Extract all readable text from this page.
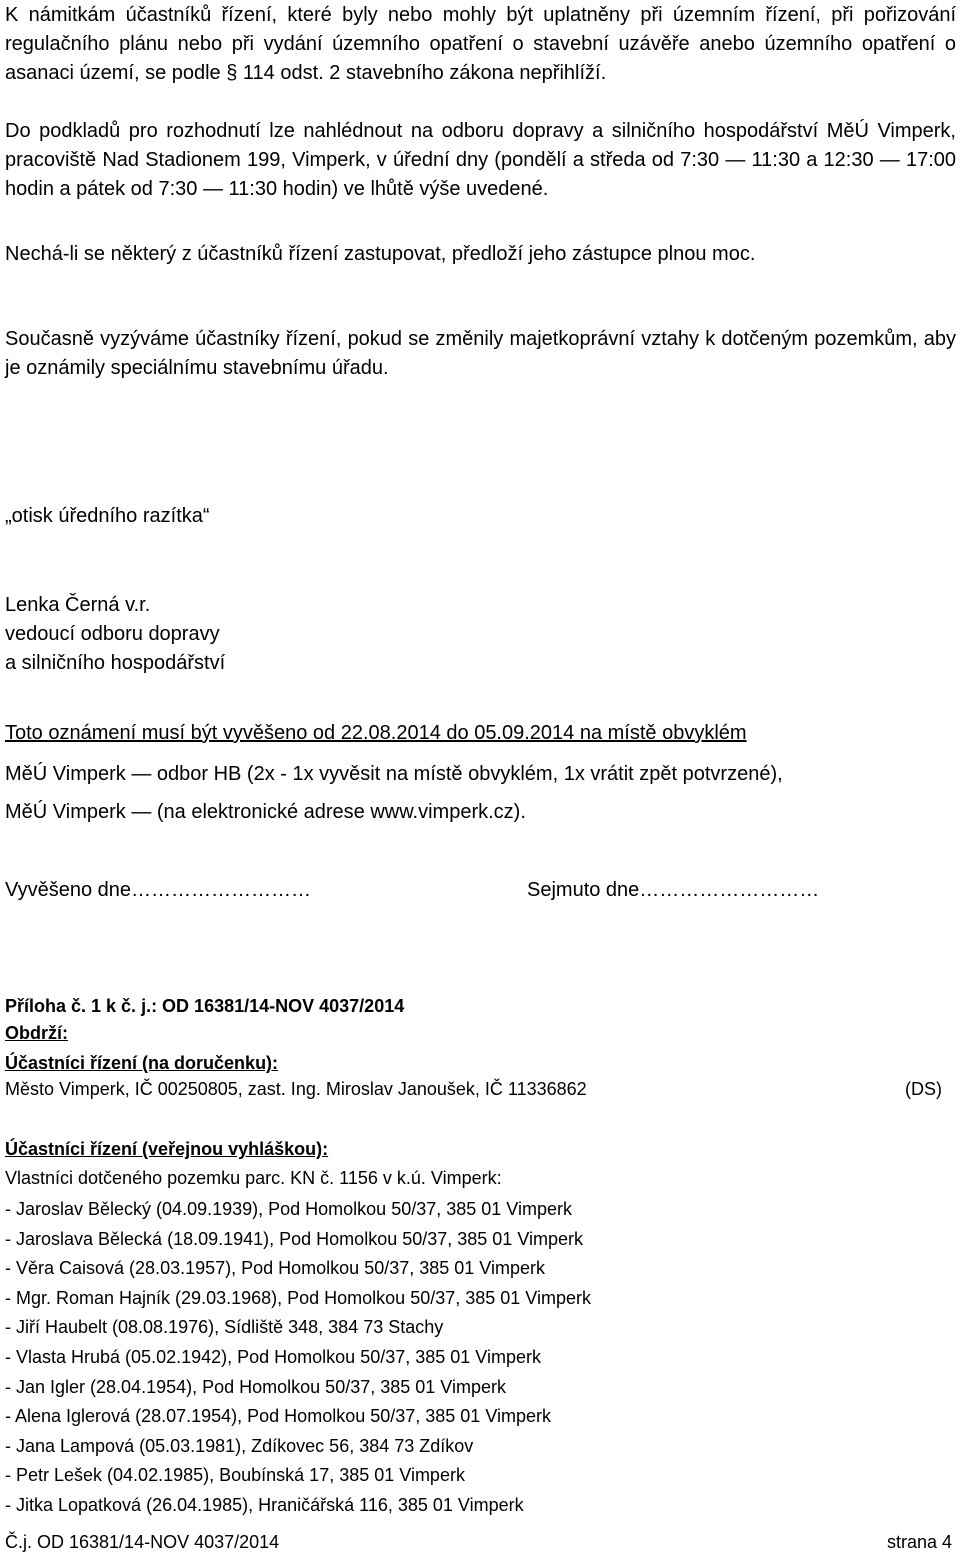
K námitkám účastníků řízení, které byly nebo mohly být uplatněny při územním řízení, při pořizování regulačního plánu nebo při vydání územního opatření o stavební uzávěře anebo územního opatření o asanaci území, se podle § 114 odst. 2 stavebního zákona nepřihlíží.

Do podkladů pro rozhodnutí lze nahlédnout na odboru dopravy a silničního hospodářství MěÚ Vimperk, pracoviště Nad Stadionem 199, Vimperk, v úřední dny (pondělí a středa od 7:30 — 11:30 a 12:30 — 17:00 hodin a pátek od 7:30 — 11:30 hodin) ve lhůtě výše uvedené.

Nechá-li se některý z účastníků řízení zastupovat, předloží jeho zástupce plnou moc.

Současně vyzýváme účastníky řízení, pokud se změnily majetkoprávní vztahy k dotčeným pozemkům, aby je oznámily speciálnímu stavebnímu úřadu.

„otisk úředního razítka“

Lenka Černá v.r.

vedoucí odboru dopravy

a silničního hospodářství

Toto oznámení musí být vyvěšeno od 22.08.2014 do 05.09.2014 na místě obvyklém

MěÚ Vimperk — odbor HB (2x - 1x vyvěsit na místě obvyklém, 1x vrátit zpět potvrzené),

MěÚ Vimperk — (na elektronické adrese www.vimperk.cz).

Vyvěšeno dne………………………	Sejmuto dne………………………

Příloha č. 1 k č. j.: OD 16381/14-NOV 4037/2014

Obdrží:

Účastníci řízení (na doručenku):

Město Vimperk, IČ 00250805, zast. Ing. Miroslav Janoušek, IČ 11336862	(DS)

Účastníci řízení (veřejnou vyhláškou):

Vlastníci dotčeného pozemku parc. KN č. 1156 v k.ú. Vimperk:

- Jaroslav Bělecký (04.09.1939), Pod Homolkou 50/37, 385 01 Vimperk
- Jaroslava Bělecká (18.09.1941), Pod Homolkou 50/37, 385 01 Vimperk
- Věra Caisová (28.03.1957), Pod Homolkou 50/37, 385 01 Vimperk
- Mgr. Roman Hajník (29.03.1968), Pod Homolkou 50/37, 385 01 Vimperk
- Jiří Haubelt (08.08.1976), Sídliště 348, 384 73 Stachy
- Vlasta Hrubá (05.02.1942), Pod Homolkou 50/37, 385 01 Vimperk
- Jan Igler (28.04.1954), Pod Homolkou 50/37, 385 01 Vimperk
- Alena Iglerová (28.07.1954), Pod Homolkou 50/37, 385 01 Vimperk
- Jana Lampová (05.03.1981), Zdíkovec 56, 384 73 Zdíkov
- Petr Lešek (04.02.1985), Boubínská 17, 385 01 Vimperk
- Jitka Lopatková (26.04.1985), Hraničářská 116, 385 01 Vimperk

Č.j. OD 16381/14-NOV 4037/2014	strana 4
